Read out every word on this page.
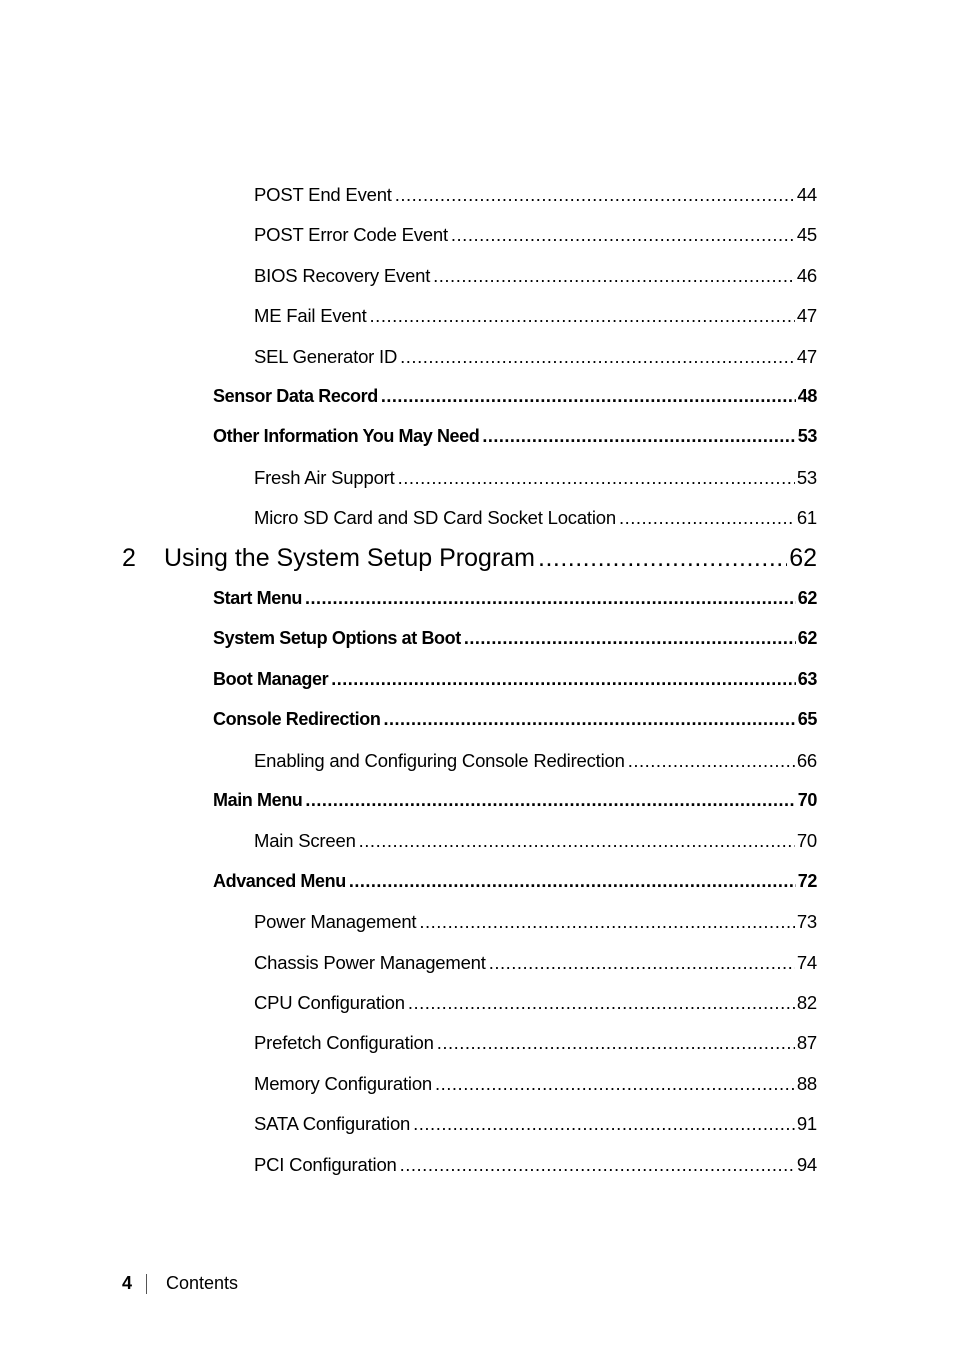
POST End Event .....	44
POST Error Code Event .....	45
BIOS Recovery Event .....	46
ME Fail Event .....	47
SEL Generator ID .....	47
Sensor Data Record .....	48
Other Information You May Need .....	53
Fresh Air Support .....	53
Micro SD Card and SD Card Socket Location .....	61
2 Using the System Setup Program .....	62
Start Menu .....	62
System Setup Options at Boot .....	62
Boot Manager .....	63
Console Redirection .....	65
Enabling and Configuring Console Redirection .....	66
Main Menu .....	70
Main Screen .....	70
Advanced Menu .....	72
Power Management .....	73
Chassis Power Management .....	74
CPU Configuration .....	82
Prefetch Configuration .....	87
Memory Configuration .....	88
SATA Configuration .....	91
PCI Configuration .....	94
4 Contents
